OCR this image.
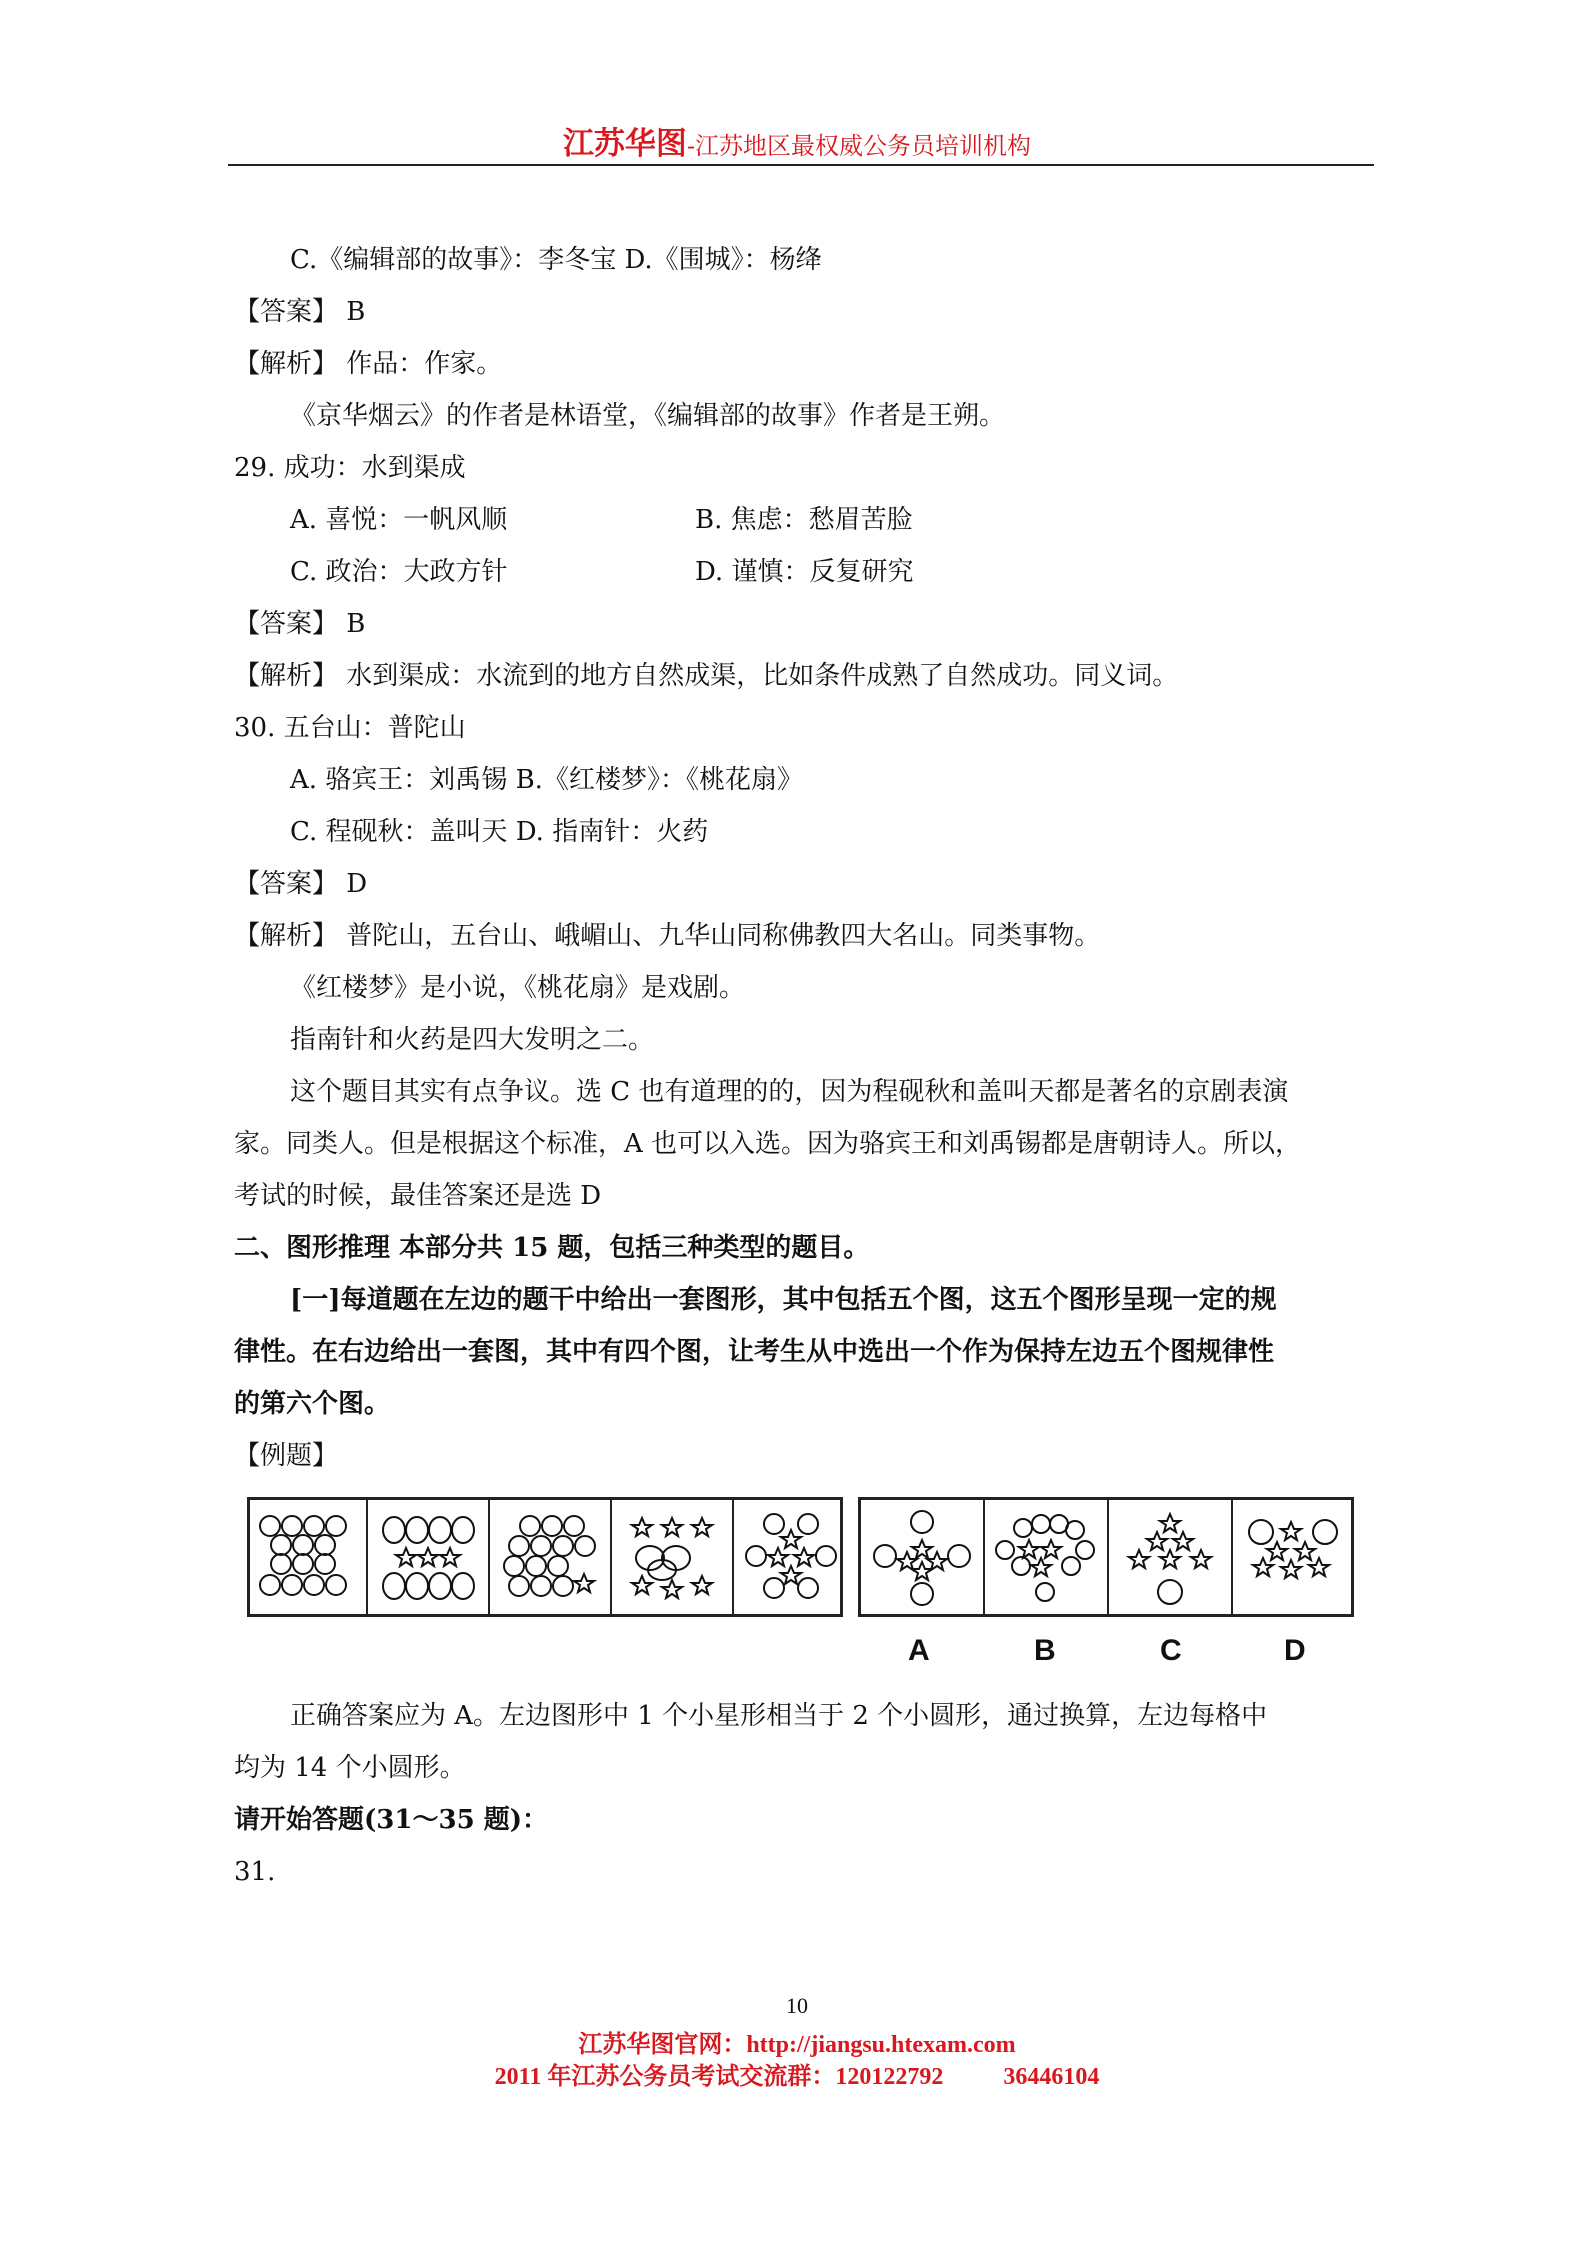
江苏华图-江苏地区最权威公务员培训机构
C.《编辑部的故事》：李冬宝 D.《围城》：杨绛
【答案】 B
【解析】 作品：作家。
《京华烟云》的作者是林语堂，《编辑部的故事》作者是王朔。
29. 成功：水到渠成
A. 喜悦：一帆风顺	B. 焦虑：愁眉苦脸
C. 政治：大政方针	D. 谨慎：反复研究
【答案】 B
【解析】 水到渠成：水流到的地方自然成渠，比如条件成熟了自然成功。同义词。
30. 五台山：普陀山
A. 骆宾王：刘禹锡 B.《红楼梦》：《桃花扇》
C. 程砚秋：盖叫天 D. 指南针：火药
【答案】 D
【解析】 普陀山，五台山、峨嵋山、九华山同称佛教四大名山。同类事物。
《红楼梦》是小说，《桃花扇》是戏剧。
指南针和火药是四大发明之二。
这个题目其实有点争议。选 C 也有道理的的，因为程砚秋和盖叫天都是著名的京剧表演
家。同类人。但是根据这个标准，A 也可以入选。因为骆宾王和刘禹锡都是唐朝诗人。所以，
考试的时候，最佳答案还是选 D
二、图形推理 本部分共 15 题，包括三种类型的题目。
[一]每道题在左边的题干中给出一套图形，其中包括五个图，这五个图形呈现一定的规
律性。在右边给出一套图，其中有四个图，让考生从中选出一个作为保持左边五个图规律性
的第六个图。
【例题】
A	B	C	D
正确答案应为 A。左边图形中 1 个小星形相当于 2 个小圆形，通过换算，左边每格中
均为 14 个小圆形。
请开始答题(31～35 题)：
31.
10
江苏华图官网：http://jiangsu.htexam.com
2011 年江苏公务员考试交流群：120122792          36446104
